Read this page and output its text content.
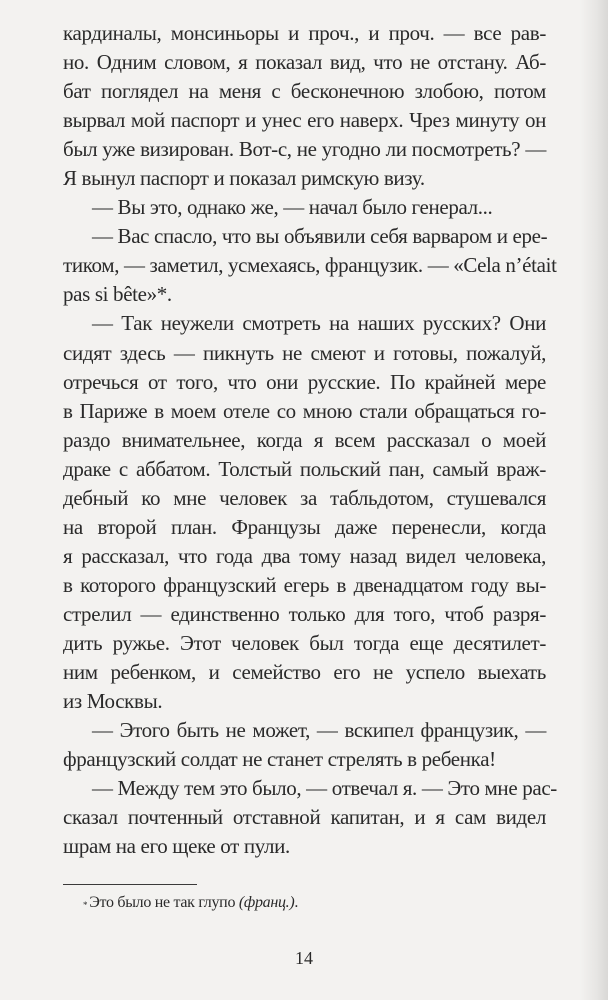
кардиналы, монсиньоры и проч., и проч. — все рав-
но. Одним словом, я показал вид, что не отстану. Аб-
бат поглядел на меня с бесконечною злобою, потом
вырвал мой паспорт и унес его наверх. Чрез минуту он
был уже визирован. Вот-с, не угодно ли посмотреть? —
Я вынул паспорт и показал римскую визу.
— Вы это, однако же, — начал было генерал...
— Вас спасло, что вы объявили себя варваром и ере-
тиком, — заметил, усмехаясь, французик. — «Cela n’était
pas si bête»*.
— Так неужели смотреть на наших русских? Они
сидят здесь — пикнуть не смеют и готовы, пожалуй,
отречься от того, что они русские. По крайней мере
в Париже в моем отеле со мною стали обращаться го-
раздо внимательнее, когда я всем рассказал о моей
драке с аббатом. Толстый польский пан, самый враж-
дебный ко мне человек за табльдотом, стушевался
на второй план. Французы даже перенесли, когда
я рассказал, что года два тому назад видел человека,
в которого французский егерь в двенадцатом году вы-
стрелил — единственно только для того, чтоб разря-
дить ружье. Этот человек был тогда еще десятилет-
ним ребенком, и семейство его не успело выехать
из Москвы.
— Этого быть не может, — вскипел французик, —
французский солдат не станет стрелять в ребенка!
— Между тем это было, — отвечал я. — Это мне рас-
сказал почтенный отставной капитан, и я сам видел
шрам на его щеке от пули.
* Это было не так глупо (франц.).
14
